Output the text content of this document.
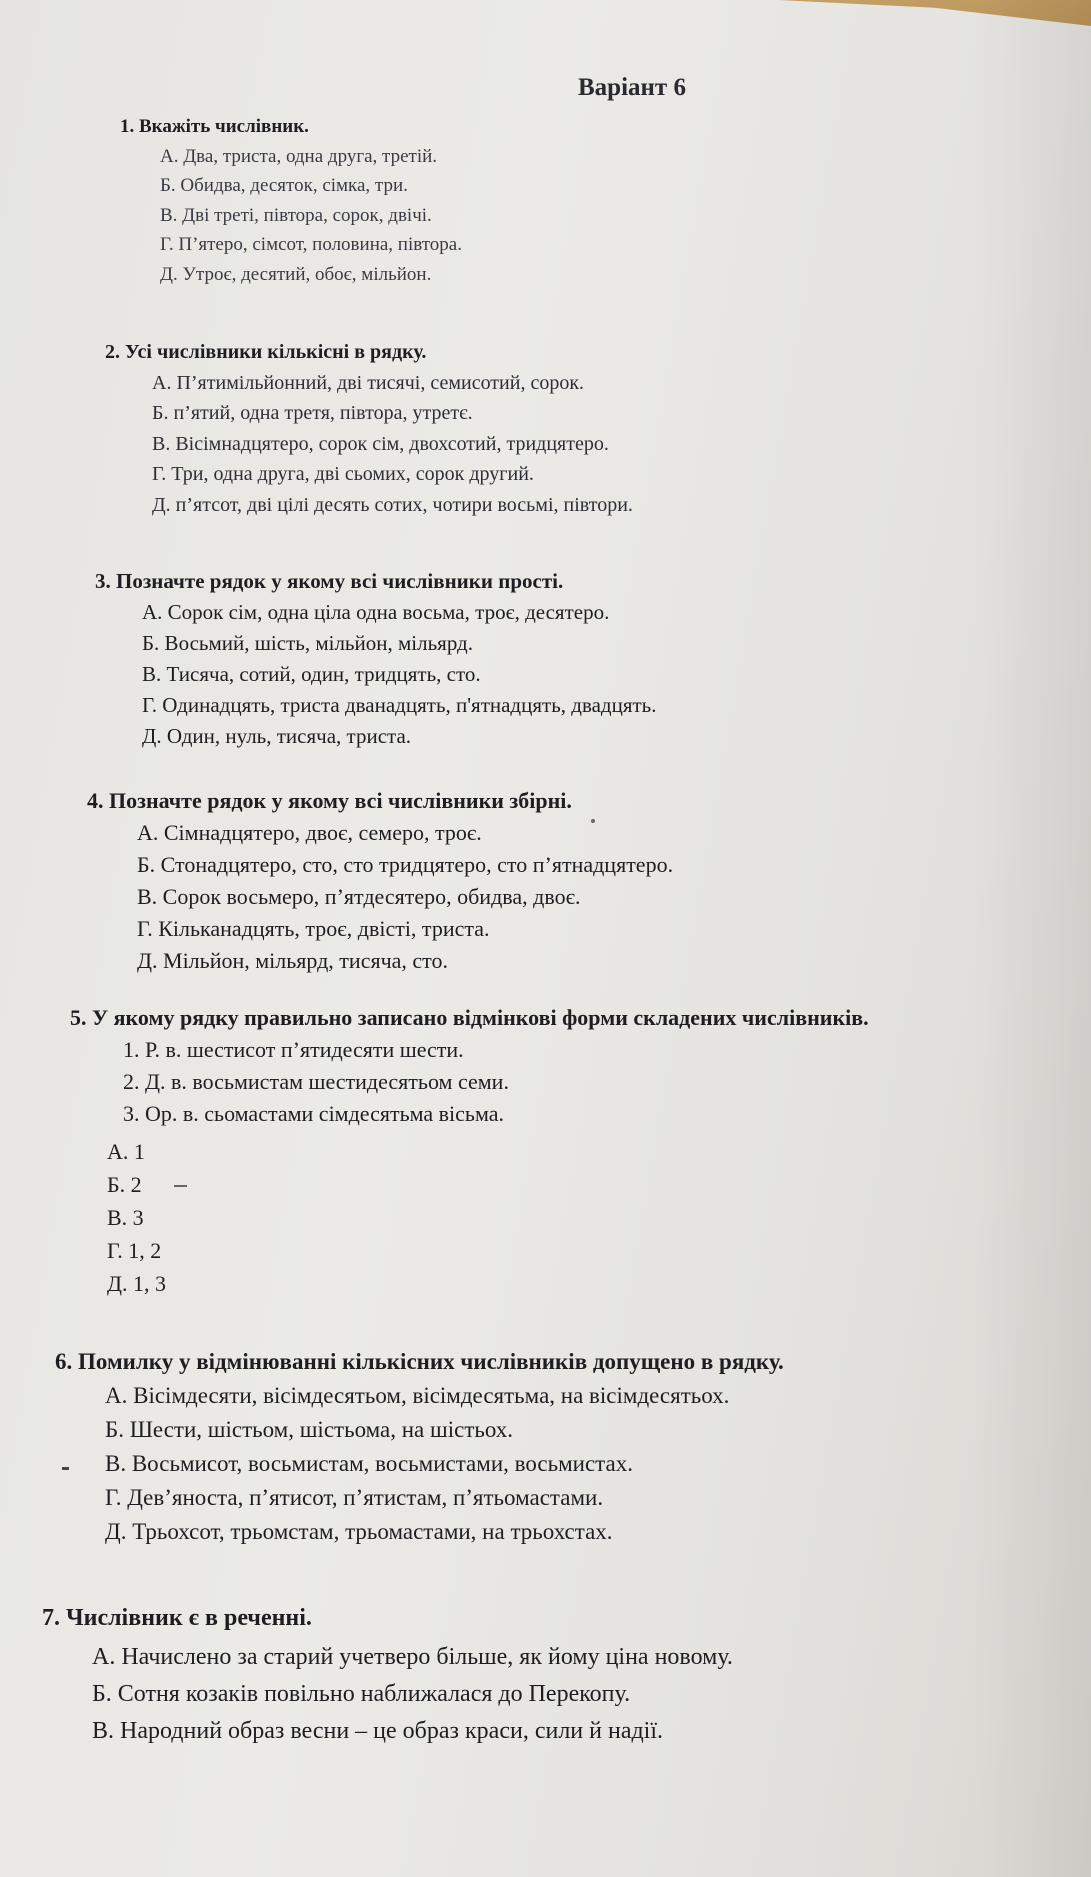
Варіант 6
1. Вкажіть числівник.
А. Два, триста, одна друга, третій.
Б. Обидва, десяток, сімка, три.
В. Дві треті, півтора, сорок, двічі.
Г. П’ятеро, сімсот, половина, півтора.
Д. Утроє, десятий, обоє, мільйон.
2. Усі числівники кількісні в рядку.
А. П’ятимільйонний, дві тисячі, семисотий, сорок.
Б. п’ятий, одна третя, півтора, утретє.
В. Вісімнадцятеро, сорок сім, двохсотий, тридцятеро.
Г. Три, одна друга, дві сьомих, сорок другий.
Д. п’ятсот, дві цілі десять сотих, чотири восьмі, півтори.
3. Позначте рядок у якому всі числівники прості.
А. Сорок сім, одна ціла одна восьма, троє, десятеро.
Б. Восьмий, шість, мільйон, мільярд.
В. Тисяча, сотий, один, тридцять, сто.
Г. Одинадцять, триста дванадцять, п'ятнадцять, двадцять.
Д. Один, нуль, тисяча, триста.
4. Позначте рядок у якому всі числівники збірні.
А. Сімнадцятеро, двоє, семеро, троє.
Б. Стонадцятеро, сто, сто тридцятеро, сто п’ятнадцятеро.
В. Сорок восьмеро, п’ятдесятеро, обидва, двоє.
Г. Кільканадцять, троє, двісті, триста.
Д. Мільйон, мільярд, тисяча, сто.
5. У якому рядку правильно записано відмінкові форми складених числівників.
1. Р. в. шестисот п’ятидесяти шести.
2. Д. в. восьмистам шестидесятьом семи.
3. Ор. в. сьомастами сімдесятьма вісьма.
А. 1
Б. 2
В. 3
Г. 1, 2
Д. 1, 3
6. Помилку у відмінюванні кількісних числівників допущено в рядку.
А. Вісімдесяти, вісімдесятьом, вісімдесятьма, на вісімдесятьох.
Б. Шести, шістьом, шістьома, на шістьох.
В. Восьмисот, восьмистам, восьмистами, восьмистах.
Г. Дев’яноста, п’ятисот, п’ятистам, п’ятьомастами.
Д. Трьохсот, трьомстам, трьомастами, на трьохстах.
7. Числівник є в реченні.
А. Начислено за старий учетверо більше, як йому ціна новому.
Б. Сотня козаків повільно наближалася до Перекопу.
В. Народний образ весни – це образ краси, сили й надії.
